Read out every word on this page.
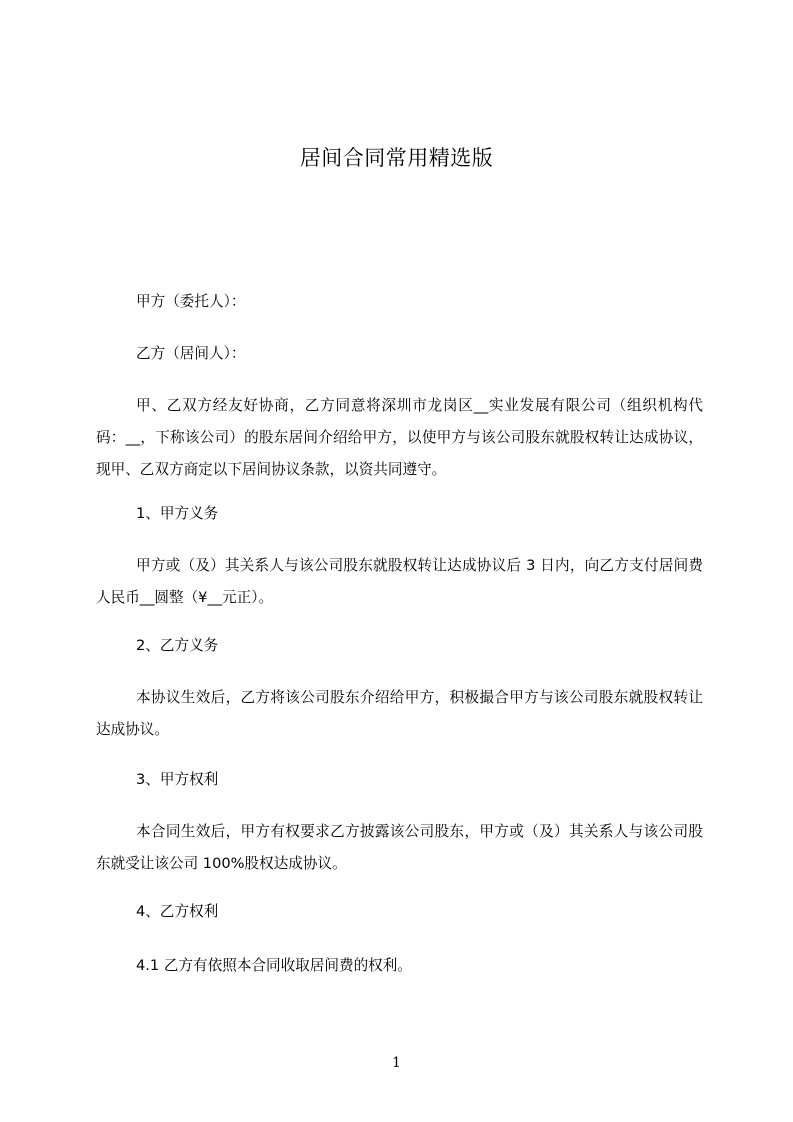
居间合同常用精选版

甲方（委托人）：

乙方（居间人）：

甲、乙双方经友好协商，乙方同意将深圳市龙岗区__实业发展有限公司（组织机构代码：__，下称该公司）的股东居间介绍给甲方，以使甲方与该公司股东就股权转让达成协议，现甲、乙双方商定以下居间协议条款，以资共同遵守。

1、甲方义务

甲方或（及）其关系人与该公司股东就股权转让达成协议后 3 日内，向乙方支付居间费人民币__圆整（¥__元正）。

2、乙方义务

本协议生效后，乙方将该公司股东介绍给甲方，积极撮合甲方与该公司股东就股权转让达成协议。

3、甲方权利

本合同生效后，甲方有权要求乙方披露该公司股东，甲方或（及）其关系人与该公司股东就受让该公司 100%股权达成协议。

4、乙方权利

4.1 乙方有依照本合同收取居间费的权利。

1
